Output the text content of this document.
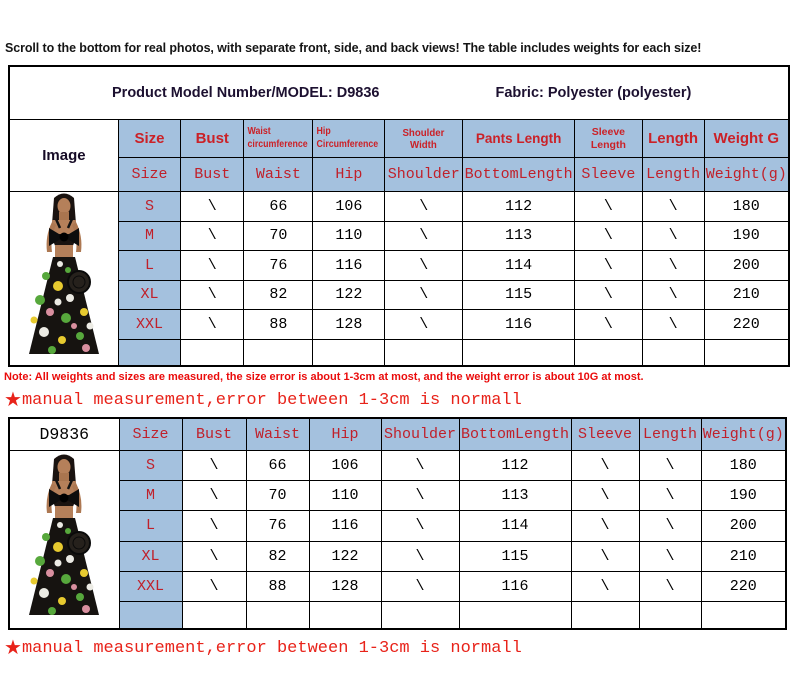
Scroll to the bottom for real photos, with separate front, side, and back views! The table includes weights for each size!
Product Model Number/MODEL: D9836 Fabric: Polyester (polyester)									
Image	Size	Bust	Waist circumference	Hip Circumference	Shoulder Width	Pants Length	Sleeve Length	Length	Weight G
	Size	Bust	Waist	Hip	Shoulder	BottomLength	Sleeve	Length	Weight(g)
	S	\	66	106	\	112	\	\	180
	M	\	70	110	\	113	\	\	190
	L	\	76	116	\	114	\	\	200
	XL	\	82	122	\	115	\	\	210
	XXL	\	88	128	\	116	\	\	220

Note: All weights and sizes are measured, the size error is about 1-3cm at most, and the weight error is about 10G at most.
★manual measurement,error between 1-3cm is normall
D9836	Size	Bust	Waist	Hip	Shoulder	BottomLength	Sleeve	Length	Weight(g)
	S	\	66	106	\	112	\	\	180
	M	\	70	110	\	113	\	\	190
	L	\	76	116	\	114	\	\	200
	XL	\	82	122	\	115	\	\	210
	XXL	\	88	128	\	116	\	\	220

★manual measurement,error between 1-3cm is normall
